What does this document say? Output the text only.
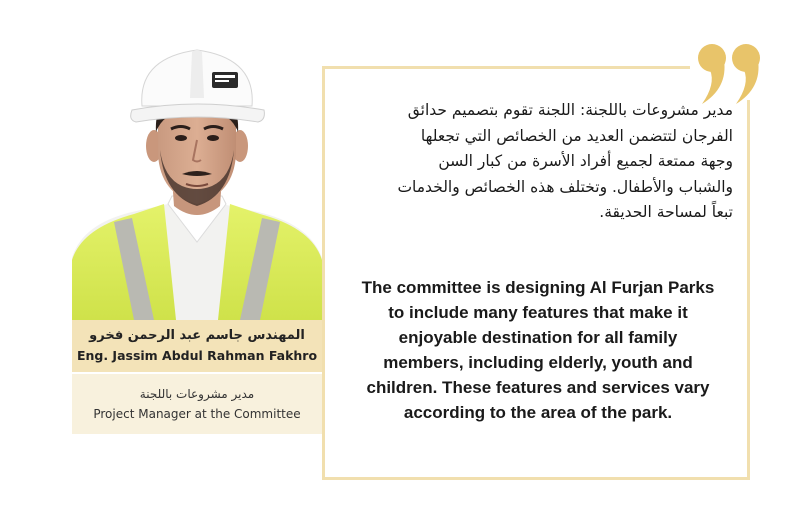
المهندس جاسم عبد الرحمن فخرو
Eng. Jassim Abdul Rahman Fakhro
مدير مشروعات باللجنة
Project Manager at the Committee
مدير مشروعات باللجنة: اللجنة تقوم بتصميم حدائق الفرجان لتتضمن العديد من الخصائص التي تجعلها وجهة ممتعة لجميع أفراد الأسرة من كبار السن والشباب والأطفال. وتختلف هذه الخصائص والخدمات تبعاً لمساحة الحديقة.
The committee is designing Al Furjan Parks to include many features that make it enjoyable destination for all family members, including elderly, youth and children. These features and services vary according to the area of the park.
